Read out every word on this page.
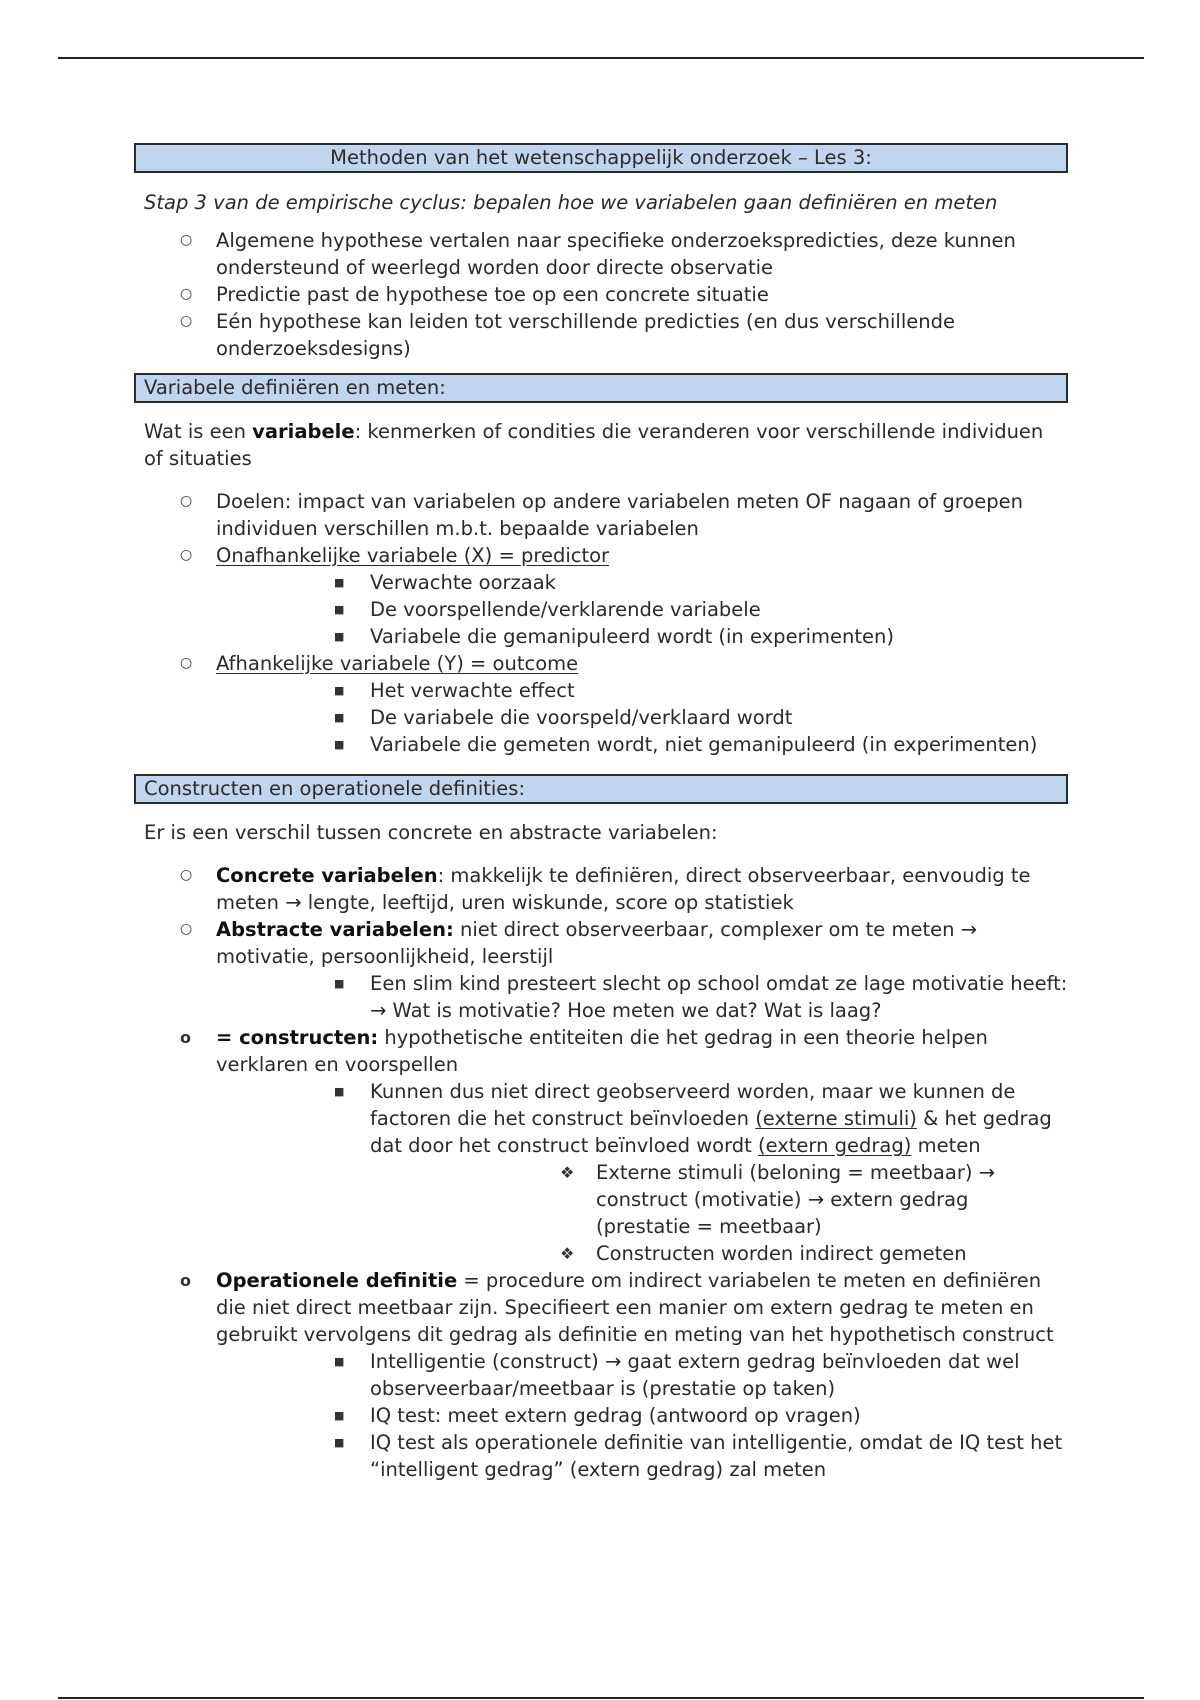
Methoden van het wetenschappelijk onderzoek – Les 3:
Stap 3 van de empirische cyclus: bepalen hoe we variabelen gaan definiëren en meten
○ Algemene hypothese vertalen naar specifieke onderzoekspredicties, deze kunnen ondersteund of weerlegd worden door directe observatie
○ Predictie past de hypothese toe op een concrete situatie
○ Eén hypothese kan leiden tot verschillende predicties (en dus verschillende onderzoeksdesigns)
Variabele definiëren en meten:
Wat is een variabele: kenmerken of condities die veranderen voor verschillende individuen of situaties
○ Doelen: impact van variabelen op andere variabelen meten OF nagaan of groepen individuen verschillen m.b.t. bepaalde variabelen
○ Onafhankelijke variabele (X) = predictor
■ Verwachte oorzaak
■ De voorspellende/verklarende variabele
■ Variabele die gemanipuleerd wordt (in experimenten)
○ Afhankelijke variabele (Y) = outcome
■ Het verwachte effect
■ De variabele die voorspeld/verklaard wordt
■ Variabele die gemeten wordt, niet gemanipuleerd (in experimenten)
Constructen en operationele definities:
Er is een verschil tussen concrete en abstracte variabelen:
○ Concrete variabelen: makkelijk te definiëren, direct observeerbaar, eenvoudig te meten → lengte, leeftijd, uren wiskunde, score op statistiek
○ Abstracte variabelen: niet direct observeerbaar, complexer om te meten → motivatie, persoonlijkheid, leerstijl
■ Een slim kind presteert slecht op school omdat ze lage motivatie heeft: → Wat is motivatie? Hoe meten we dat? Wat is laag?
o = constructen: hypothetische entiteiten die het gedrag in een theorie helpen verklaren en voorspellen
■ Kunnen dus niet direct geobserveerd worden, maar we kunnen de factoren die het construct beïnvloeden (externe stimuli) & het gedrag dat door het construct beïnvloed wordt (extern gedrag) meten
❖ Externe stimuli (beloning = meetbaar) → construct (motivatie) → extern gedrag (prestatie = meetbaar)
❖ Constructen worden indirect gemeten
o Operationele definitie = procedure om indirect variabelen te meten en definiëren die niet direct meetbaar zijn. Specifieert een manier om extern gedrag te meten en gebruikt vervolgens dit gedrag als definitie en meting van het hypothetisch construct
■ Intelligentie (construct) → gaat extern gedrag beïnvloeden dat wel observeerbaar/meetbaar is (prestatie op taken)
■ IQ test: meet extern gedrag (antwoord op vragen)
■ IQ test als operationele definitie van intelligentie, omdat de IQ test het “intelligent gedrag” (extern gedrag) zal meten
